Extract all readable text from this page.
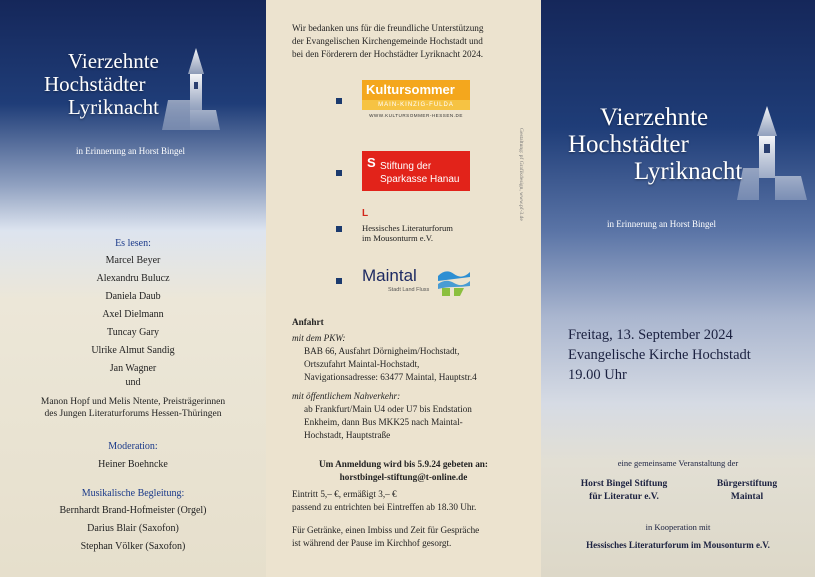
Vierzehnte
Hochstädter
Lyriknacht
in Erinnerung an Horst Bingel
Es lesen:
Marcel Beyer
Alexandru Bulucz
Daniela Daub
Axel Dielmann
Tuncay Gary
Ulrike Almut Sandig
Jan Wagner
und
Manon Hopf und Melis Ntente, Preisträgerinnen
des Jungen Literaturforums Hessen-Thüringen
Moderation:
Heiner Boehncke
Musikalische Begleitung:
Bernhardt Brand-Hofmeister (Orgel)
Darius Blair (Saxofon)
Stephan Völker (Saxofon)
Wir bedanken uns für die freundliche Unterstützung
der Evangelischen Kirchengemeinde Hochstadt und
bei den Förderern der Hochstädter Lyriknacht 2024.
Kultursommer
MAIN-KINZIG-FULDA
WWW.KULTURSOMMER-HESSEN.DE
S Stiftung der
Sparkasse Hanau
L
Hessisches Literaturforum
im Mousonturm e.V.
Maintal
Stadt Land Fluss
Gestaltung: pf Grafikdesign, www.pf-3.de
Anfahrt
mit dem PKW:
BAB 66, Ausfahrt Dörnigheim/Hochstadt,
Ortszufahrt Maintal-Hochstadt,
Navigationsadresse: 63477 Maintal, Hauptstr.4
mit öffentlichem Nahverkehr:
ab Frankfurt/Main U4 oder U7 bis Endstation
Enkheim, dann Bus MKK25 nach Maintal-
Hochstadt, Hauptstraße
Um Anmeldung wird bis 5.9.24 gebeten an:
horstbingel-stiftung@t-online.de
Eintritt 5,– €, ermäßigt 3,– €
passend zu entrichten bei Eintreffen ab 18.30 Uhr.
Für Getränke, einen Imbiss und Zeit für Gespräche
ist während der Pause im Kirchhof gesorgt.
Vierzehnte
Hochstädter
Lyriknacht
in Erinnerung an Horst Bingel
Freitag, 13. September 2024
Evangelische Kirche Hochstadt
19.00 Uhr
eine gemeinsame Veranstaltung der
Horst Bingel Stiftung
für Literatur e.V.
Bürgerstiftung
Maintal
in Kooperation mit
Hessisches Literaturforum im Mousonturm e.V.
